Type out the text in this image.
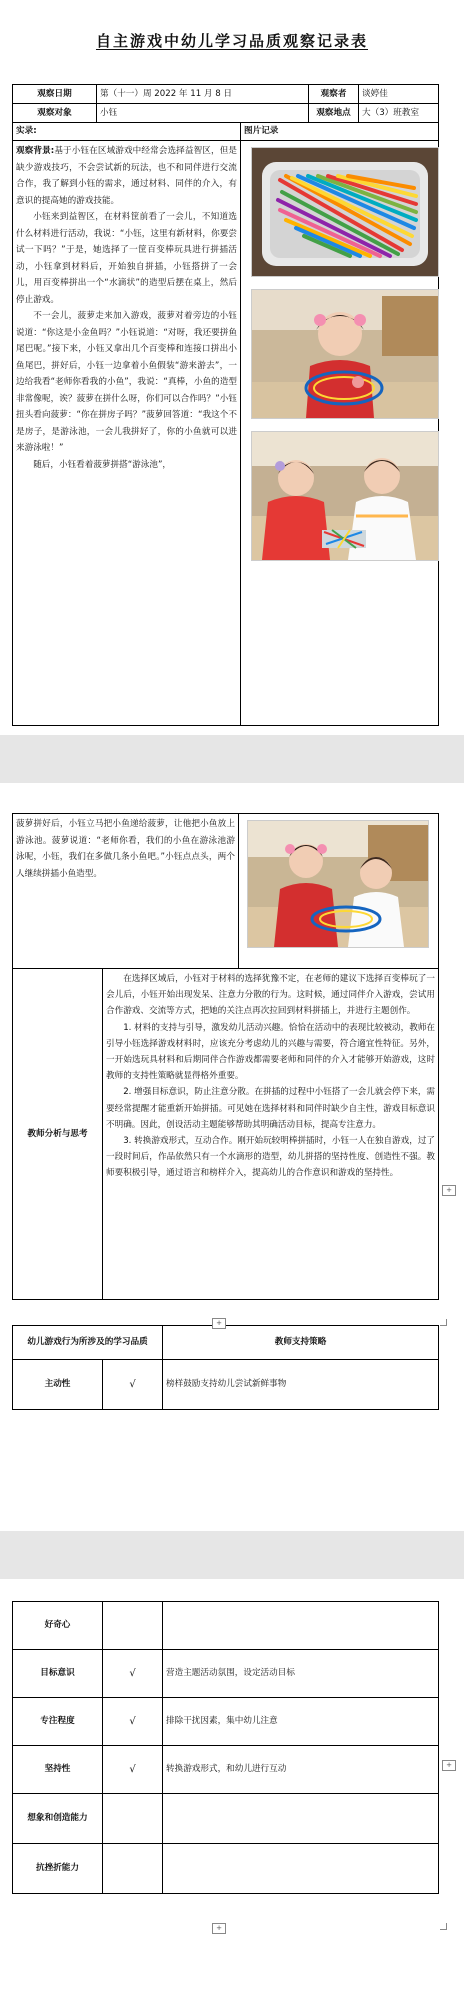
自主游戏中幼儿学习品质观察记录表
观察日期	第（十一）周 2022 年 11 月 8 日		观察者	谈婷佳
观察对象	小钰		观察地点	大（3）班教室
实录:		图片记录		

观察背景:基于小钰在区域游戏中经常会选择益智区，但是缺少游戏技巧，不会尝试新的玩法，也不和同伴进行交流合作，我了解到小钰的需求，通过材料、同伴的介入，有意识的提高她的游戏技能。

小钰来到益智区，在材料筐前看了一会儿，不知道选什么材料进行活动，我说：“小钰，这里有新材料，你要尝试一下吗？”于是，她选择了一筐百变棒玩具进行拼插活动，小钰拿到材料后，开始独自拼插，小钰搭拼了一会儿，用百变棒拼出一个“水滴状”的造型后摆在桌上，然后停止游戏。

不一会儿，菠萝走来加入游戏，菠萝对着旁边的小钰说道：“你这是小金鱼吗？”小钰说道：“对呀，我还要拼鱼尾巴呢。”接下来，小钰又拿出几个百变棒和连接口拼出小鱼尾巴，拼好后，小钰一边拿着小鱼假装“游来游去”，一边给我看“老师你看我的小鱼”，我说：“真棒，小鱼的造型非常像呢，诶？菠萝在拼什么呀，你们可以合作吗？”小钰扭头看向菠萝：“你在拼房子吗？”菠萝回答道：“我这个不是房子，是游泳池，一会儿我拼好了，你的小鱼就可以进来游泳啦！”

随后，小钰看着菠萝拼搭“游泳池”，

菠萝拼好后，小钰立马把小鱼递给菠萝，让他把小鱼放上游泳池。菠萝说道：“老师你看，我们的小鱼在游泳池游泳呢，小钰，我们在多做几条小鱼吧。”小钰点点头，两个人继续拼插小鱼造型。

教师分析与思考	在选择区域后，小钰对于材料的选择犹豫不定，在老师的建议下选择百变棒玩了一会儿后，小钰开始出现发呆、注意力分散的行为。这时候，通过同伴介入游戏，尝试用合作游戏、交流等方式，把她的关注点再次拉回到材料拼插上，并进行主题创作。

1. 材料的支持与引导，激发幼儿活动兴趣。恰恰在活动中的表现比较被动，教师在引导小钰选择游戏材料时，应该充分考虑幼儿的兴趣与需要，符合適宜性特征。另外，一开始选玩具材料和后期同伴合作游戏都需要老师和同伴的介入才能够开始游戏，这时教师的支持性策略就显得格外重要。

2. 增强目标意识，防止注意分散。在拼插的过程中小钰搭了一会儿就会停下来，需要经常提醒才能重新开始拼插。可见她在选择材料和同伴时缺少自主性，游戏目标意识不明确。因此，创设活动主题能够帮助其明确活动目标，提高专注意力。

3. 转换游戏形式，互动合作。刚开始玩较明棒拼插时，小钰一人在独自游戏，过了一段时间后，作品依然只有一个水滴形的造型，幼儿拼搭的坚持性度、创造性不强。教师要积极引导，通过语言和榜样介入，提高幼儿的合作意识和游戏的坚持性。	

幼儿游戏行为所涉及的学习品质		教师支持策略
主动性	√	榜样鼓励支持幼儿尝试新鲜事物
+
+
好奇心		
目标意识	√	营造主题活动氛围，设定活动目标
专注程度	√	排除干扰因素，集中幼儿注意
坚持性	√	转换游戏形式，和幼儿进行互动
想象和创造能力		
抗挫折能力		
+
+
